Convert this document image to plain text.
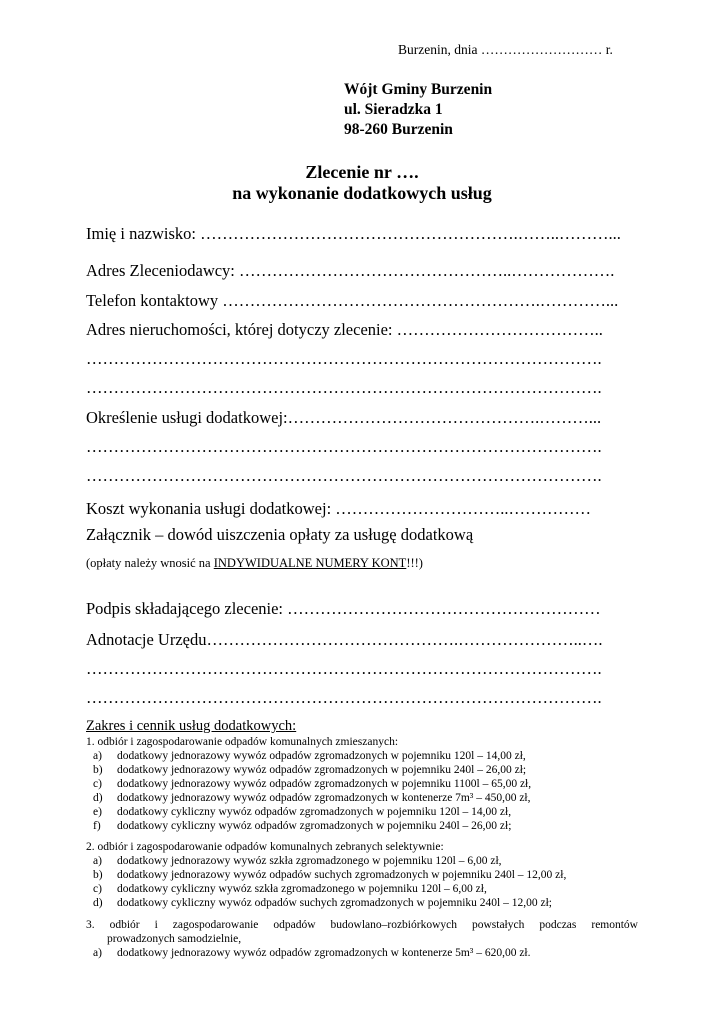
Burzenin, dnia ……………………… r.
Wójt Gminy Burzenin
ul. Sieradzka 1
98-260 Burzenin
Zlecenie nr ….
na wykonanie dodatkowych usług
Imię i nazwisko: ………………………………………………….……..………...
Adres Zleceniodawcy: …………………………………………..……………….
Telefon kontaktowy ………………………………………………….…………...
Adres nieruchomości, której dotyczy zlecenie: ………………………………..
………………………………………………………………………………….
………………………………………………………………………………….
Określenie usługi dodatkowej:……………………………………….………...
………………………………………………………………………………….
………………………………………………………………………………….
Koszt wykonania usługi dodatkowej: …………………………..……………
Załącznik – dowód uiszczenia opłaty za usługę dodatkową
(opłaty należy wnosić na INDYWIDUALNE NUMERY KONT!!!)
Podpis składającego zlecenie: …………………………………………………
Adnotacje Urzędu……………………………………….…………………..….
………………………………………………………………………………….
………………………………………………………………………………….
Zakres i cennik usług dodatkowych:
1. odbiór i zagospodarowanie odpadów komunalnych zmieszanych:
a) dodatkowy jednorazowy wywóz odpadów zgromadzonych w pojemniku 120l – 14,00 zł,
b) dodatkowy jednorazowy wywóz odpadów zgromadzonych w pojemniku 240l – 26,00 zł;
c) dodatkowy jednorazowy wywóz odpadów zgromadzonych w pojemniku 1100l – 65,00 zł,
d) dodatkowy jednorazowy wywóz odpadów zgromadzonych w kontenerze 7m³ – 450,00 zł,
e) dodatkowy cykliczny wywóz odpadów zgromadzonych w pojemniku 120l – 14,00 zł,
f) dodatkowy cykliczny wywóz odpadów zgromadzonych w pojemniku 240l – 26,00 zł;
2. odbiór i zagospodarowanie odpadów komunalnych zebranych selektywnie:
a) dodatkowy jednorazowy wywóz szkła zgromadzonego w pojemniku 120l – 6,00 zł,
b) dodatkowy jednorazowy wywóz odpadów suchych zgromadzonych w pojemniku 240l – 12,00 zł,
c) dodatkowy cykliczny wywóz szkła zgromadzonego w pojemniku 120l – 6,00 zł,
d) dodatkowy cykliczny wywóz odpadów suchych zgromadzonych w pojemniku 240l – 12,00 zł;
3. odbiór i zagospodarowanie odpadów budowlano–rozbiórkowych powstałych podczas remontów
prowadzonych samodzielnie,
a) dodatkowy jednorazowy wywóz odpadów zgromadzonych w kontenerze 5m³ – 620,00 zł.
